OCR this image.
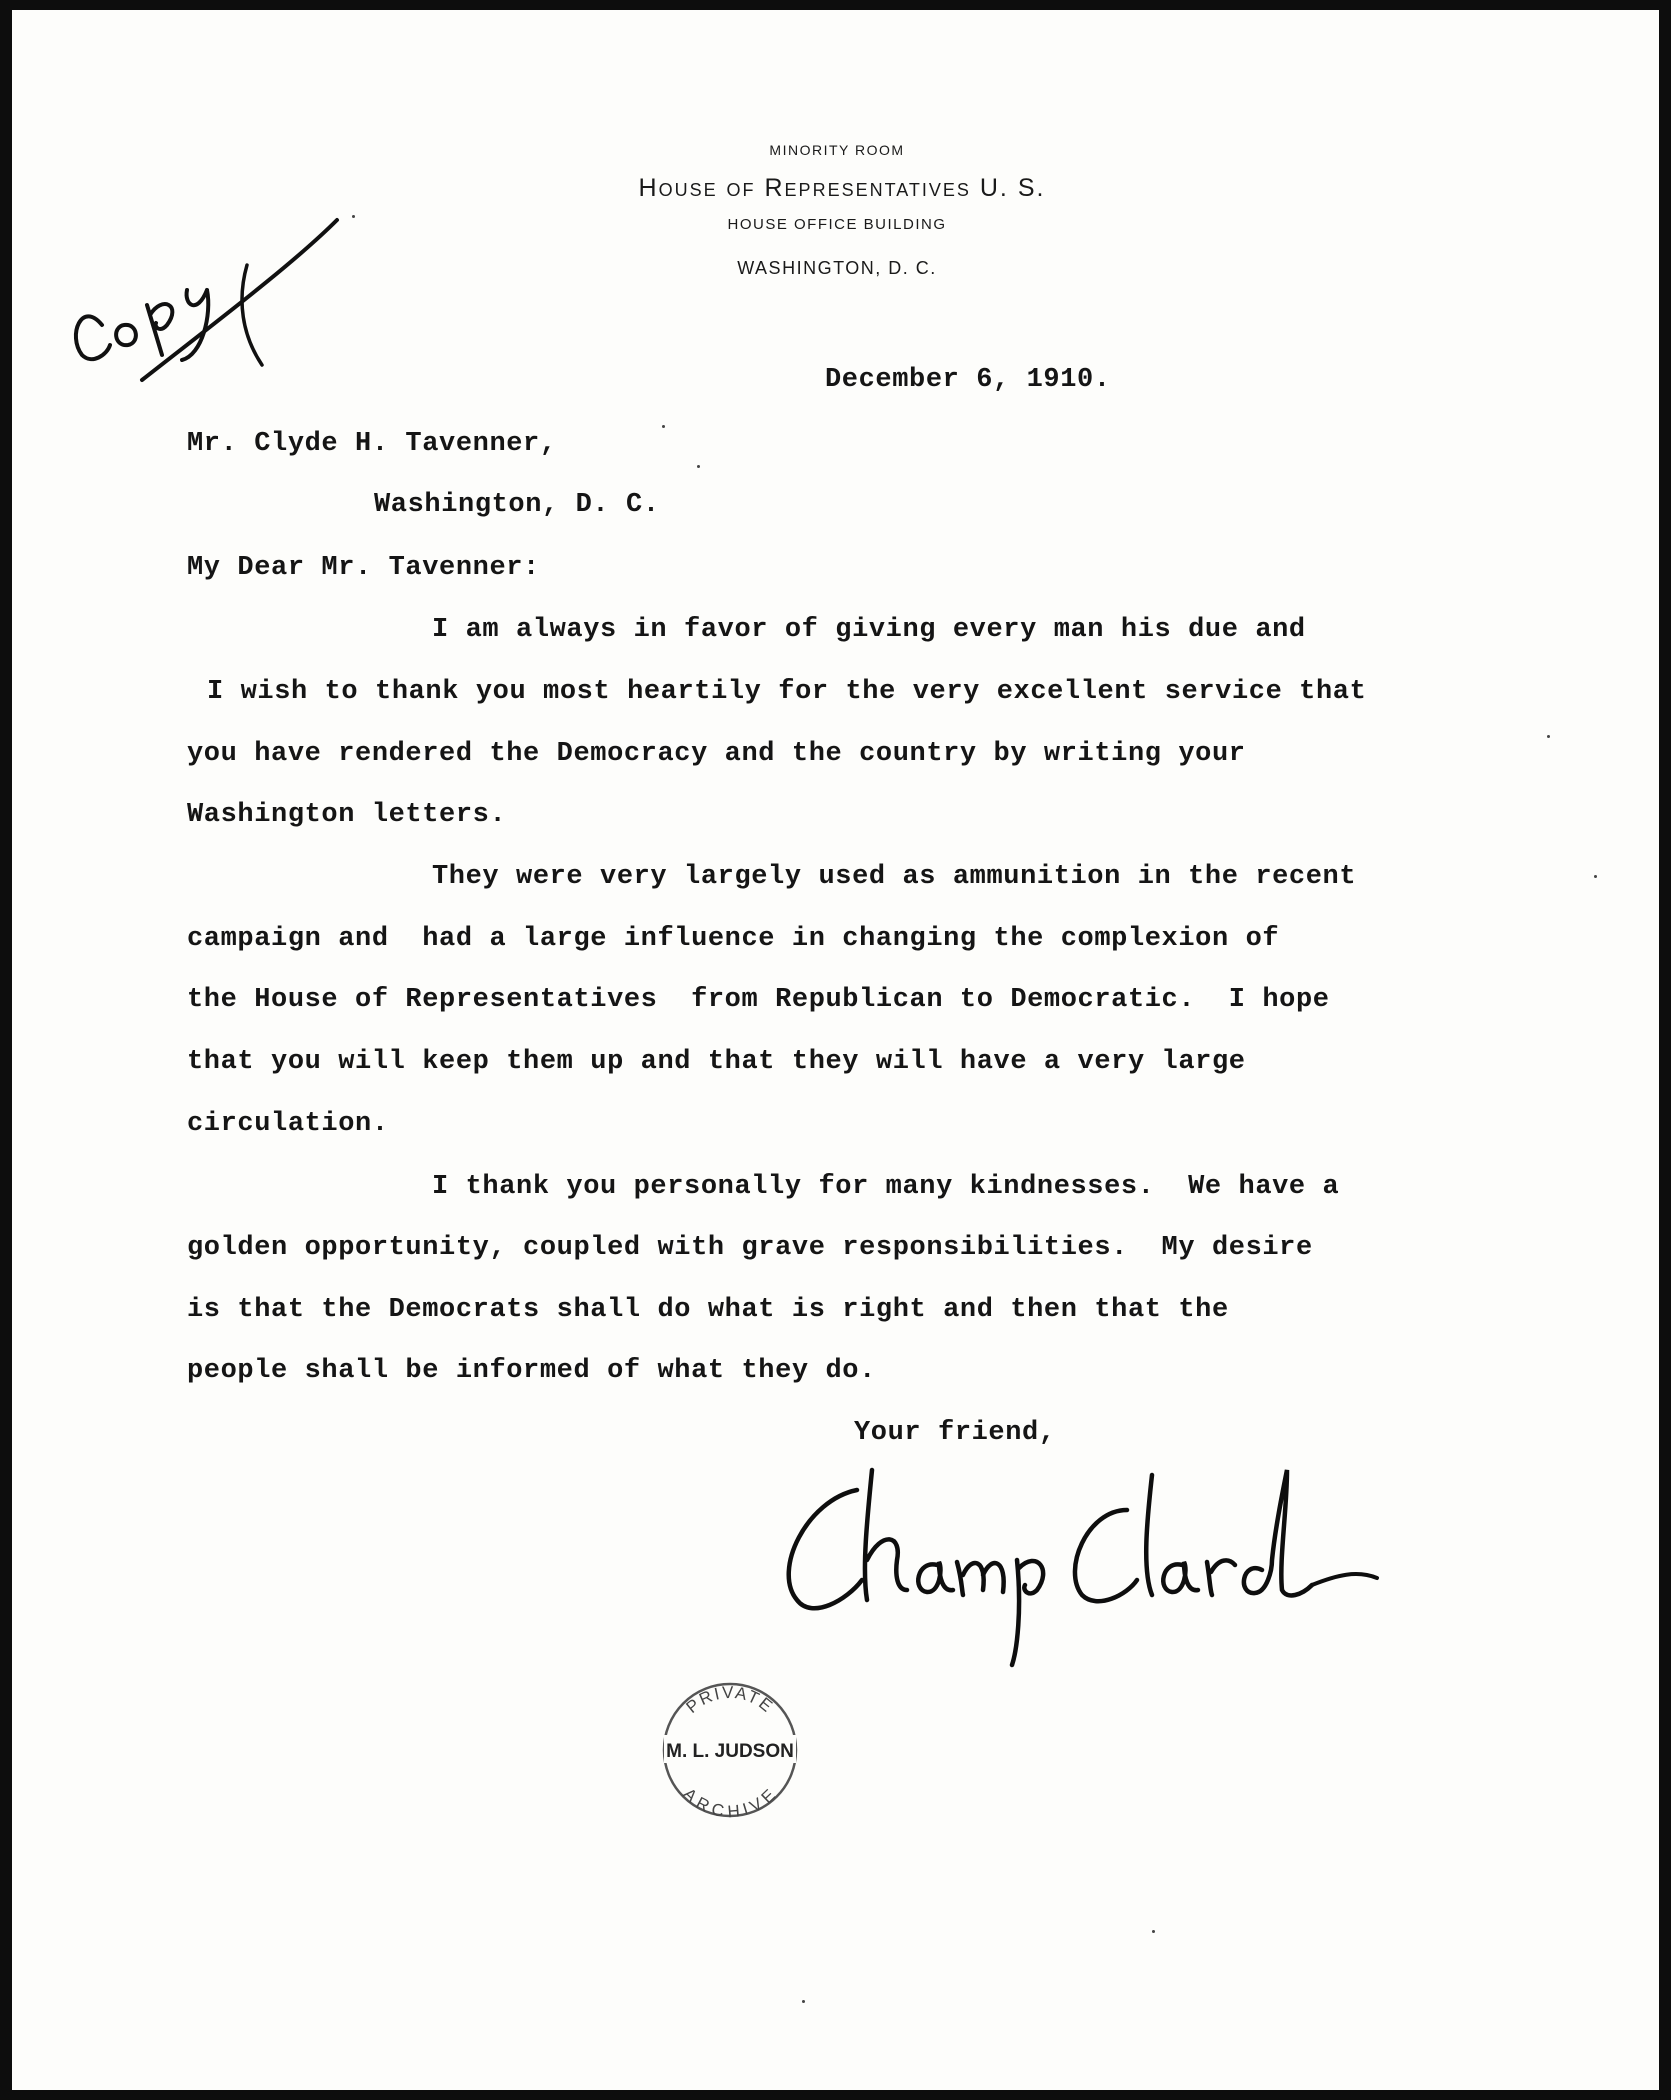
MINORITY ROOM
House of Representatives U. S.
HOUSE OFFICE BUILDING
WASHINGTON, D. C.
December 6, 1910.
Mr. Clyde H. Tavenner,
Washington, D. C.
My Dear Mr. Tavenner:
I am always in favor of giving every man his due and
I wish to thank you most heartily for the very excellent service that
you have rendered the Democracy and the country by writing your
Washington letters.
They were very largely used as ammunition in the recent
campaign and  had a large influence in changing the complexion of
the House of Representatives  from Republican to Democratic.  I hope
that you will keep them up and that they will have a very large
circulation.
I thank you personally for many kindnesses.  We have a
golden opportunity, coupled with grave responsibilities.  My desire
is that the Democrats shall do what is right and then that the
people shall be informed of what they do.
Your friend,
PRIVATE
M. L. JUDSON
ARCHIVE
